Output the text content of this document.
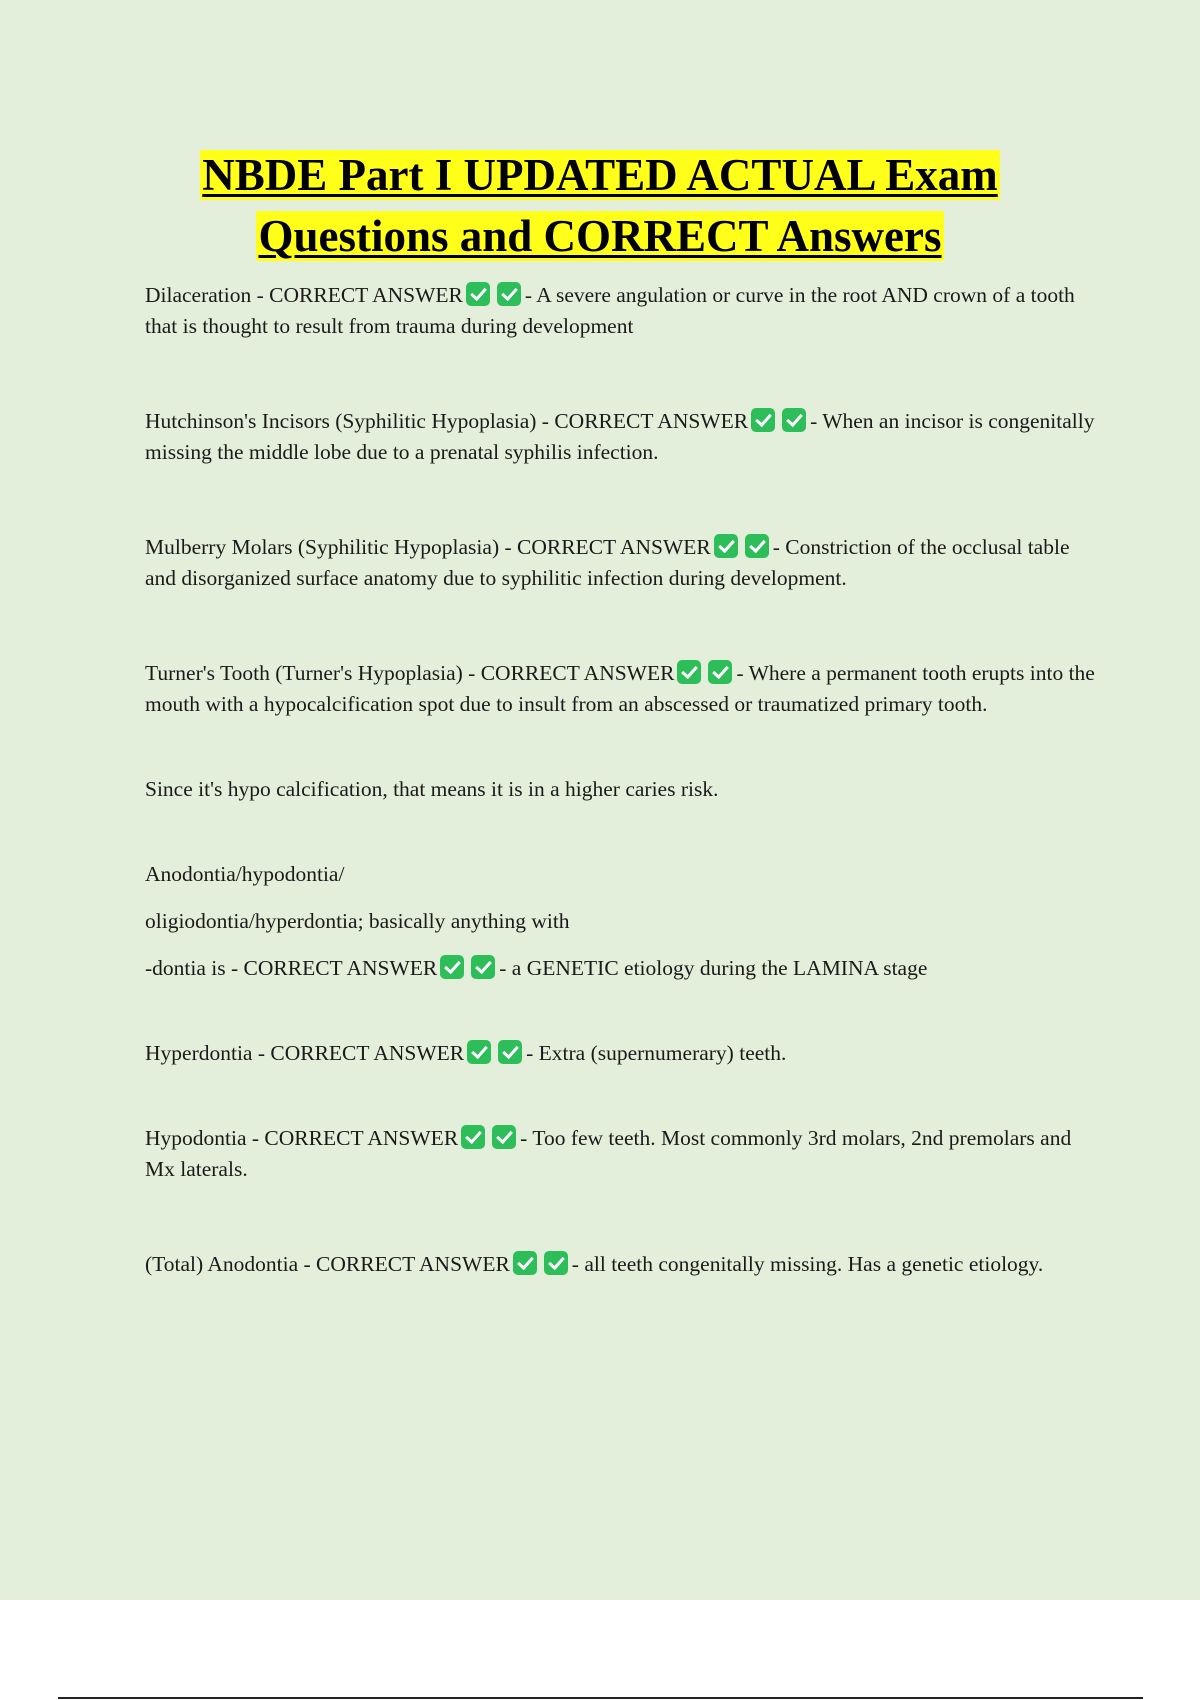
NBDE Part I UPDATED ACTUAL Exam
Questions and CORRECT Answers

Dilaceration - CORRECT ANSWER	- A severe angulation or curve in the root AND crown of a tooth that is thought to result from trauma during development

Hutchinson's Incisors (Syphilitic Hypoplasia) - CORRECT ANSWER	- When an incisor is congenitally missing the middle lobe due to a prenatal syphilis infection.

Mulberry Molars (Syphilitic Hypoplasia) - CORRECT ANSWER	- Constriction of the occlusal table and disorganized surface anatomy due to syphilitic infection during development.

Turner's Tooth (Turner's Hypoplasia) - CORRECT ANSWER	- Where a permanent tooth erupts into the mouth with a hypocalcification spot due to insult from an abscessed or traumatized primary tooth.

Since it's hypo calcification, that means it is in a higher caries risk.

Anodontia/hypodontia/

oligiodontia/hyperdontia; basically anything with

-dontia is - CORRECT ANSWER	- a GENETIC etiology during the LAMINA stage

Hyperdontia - CORRECT ANSWER	- Extra (supernumerary) teeth.

Hypodontia - CORRECT ANSWER	- Too few teeth. Most commonly 3rd molars, 2nd premolars and Mx laterals.

(Total) Anodontia - CORRECT ANSWER	- all teeth congenitally missing. Has a genetic etiology.
